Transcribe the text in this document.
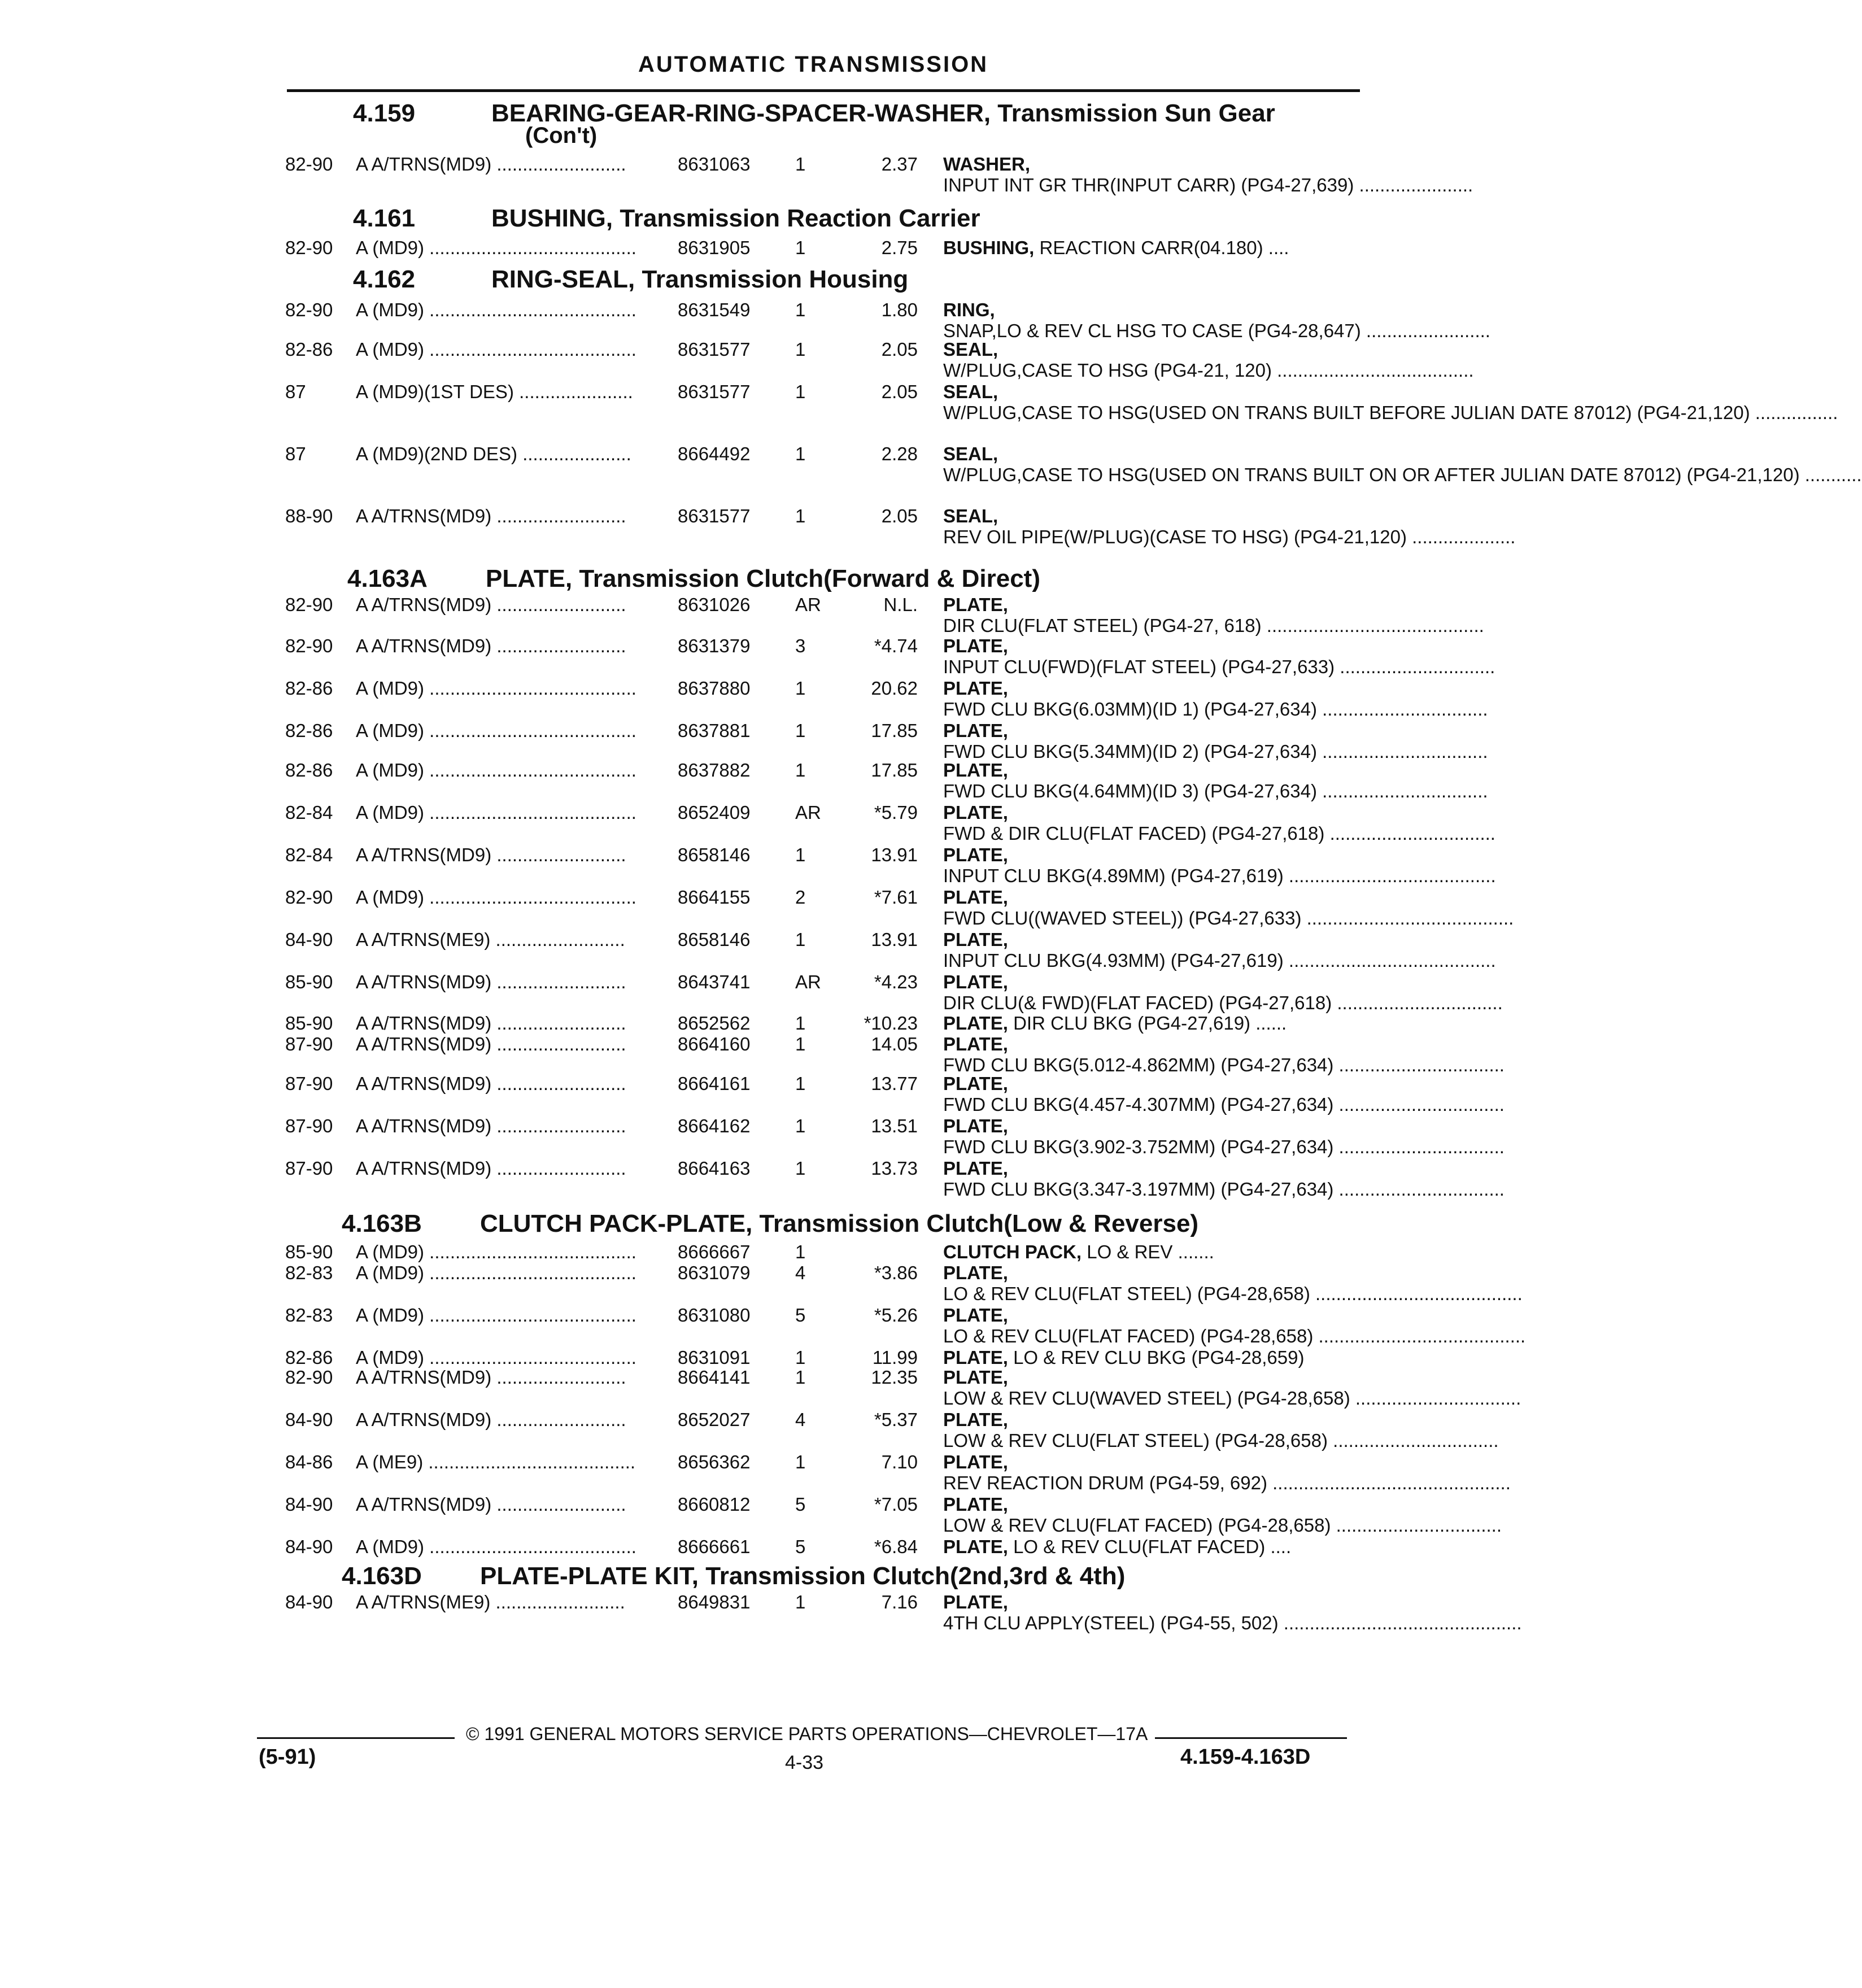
AUTOMATIC TRANSMISSION
4.159	BEARING-GEAR-RING-SPACER-WASHER, Transmission Sun Gear
(Con't)
82-90 A A/TRNS(MD9) .........................	8631063 1	2.37 WASHER, INPUT INT GR THR(INPUT CARR) (PG4-27,639) ......................
4.161	BUSHING, Transmission Reaction Carrier
82-90 A (MD9) ........................................	8631905 1	2.75 BUSHING, REACTION CARR(04.180) ....
4.162	RING-SEAL, Transmission Housing
82-90 A (MD9) ........................................	8631549 1	1.80 RING, SNAP,LO & REV CL HSG TO CASE (PG4-28,647) ........................
82-86 A (MD9) ........................................	8631577 1	2.05 SEAL, W/PLUG,CASE TO HSG (PG4-21, 120) ......................................
87	A (MD9)(1ST DES) ......................	8631577 1	2.05 SEAL, W/PLUG,CASE TO HSG(USED ON TRANS BUILT BEFORE JULIAN DATE 87012) (PG4-21,120) ................
87	A (MD9)(2ND DES) .....................	8664492 1	2.28 SEAL, W/PLUG,CASE TO HSG(USED ON TRANS BUILT ON OR AFTER JULIAN DATE 87012) (PG4-21,120) ...........
88-90 A A/TRNS(MD9) .........................	8631577 1	2.05 SEAL, REV OIL PIPE(W/PLUG)(CASE TO HSG) (PG4-21,120) ....................
4.163A PLATE, Transmission Clutch(Forward & Direct)
82-90 A A/TRNS(MD9) .........................	8631026 AR	N.L. PLATE, DIR CLU(FLAT STEEL) (PG4-27, 618) ..........................................
82-90 A A/TRNS(MD9) .........................	8631379 3	*4.74 PLATE, INPUT CLU(FWD)(FLAT STEEL) (PG4-27,633) ..............................
82-86 A (MD9) ........................................	8637880 1	20.62 PLATE, FWD CLU BKG(6.03MM)(ID 1) (PG4-27,634) ................................
82-86 A (MD9) ........................................	8637881 1	17.85 PLATE, FWD CLU BKG(5.34MM)(ID 2) (PG4-27,634) ................................
82-86 A (MD9) ........................................	8637882 1	17.85 PLATE, FWD CLU BKG(4.64MM)(ID 3) (PG4-27,634) ................................
82-84 A (MD9) ........................................	8652409 AR	*5.79 PLATE, FWD & DIR CLU(FLAT FACED) (PG4-27,618) ................................
82-84 A A/TRNS(MD9) .........................	8658146 1	13.91 PLATE, INPUT CLU BKG(4.89MM) (PG4-27,619) ........................................
82-90 A (MD9) ........................................	8664155 2	*7.61 PLATE, FWD CLU((WAVED STEEL)) (PG4-27,633) ........................................
84-90 A A/TRNS(ME9) .........................	8658146 1	13.91 PLATE, INPUT CLU BKG(4.93MM) (PG4-27,619) ........................................
85-90 A A/TRNS(MD9) .........................	8643741 AR	*4.23 PLATE, DIR CLU(& FWD)(FLAT FACED) (PG4-27,618) ................................
85-90 A A/TRNS(MD9) .........................	8652562 1	*10.23 PLATE, DIR CLU BKG (PG4-27,619) ......
87-90 A A/TRNS(MD9) .........................	8664160 1	14.05 PLATE, FWD CLU BKG(5.012-4.862MM) (PG4-27,634) ................................
87-90 A A/TRNS(MD9) .........................	8664161 1	13.77 PLATE, FWD CLU BKG(4.457-4.307MM) (PG4-27,634) ................................
87-90 A A/TRNS(MD9) .........................	8664162 1	13.51 PLATE, FWD CLU BKG(3.902-3.752MM) (PG4-27,634) ................................
87-90 A A/TRNS(MD9) .........................	8664163 1	13.73 PLATE, FWD CLU BKG(3.347-3.197MM) (PG4-27,634) ................................
4.163B CLUTCH PACK-PLATE, Transmission Clutch(Low & Reverse)
85-90 A (MD9) ........................................	8666667 1	CLUTCH PACK, LO & REV .......
82-83 A (MD9) ........................................	8631079 4	*3.86 PLATE, LO & REV CLU(FLAT STEEL) (PG4-28,658) ........................................
82-83 A (MD9) ........................................	8631080 5	*5.26 PLATE, LO & REV CLU(FLAT FACED) (PG4-28,658) ........................................
82-86 A (MD9) ........................................	8631091 1	11.99 PLATE, LO & REV CLU BKG (PG4-28,659)
82-90 A A/TRNS(MD9) .........................	8664141 1	12.35 PLATE, LOW & REV CLU(WAVED STEEL) (PG4-28,658) ................................
84-90 A A/TRNS(MD9) .........................	8652027 4	*5.37 PLATE, LOW & REV CLU(FLAT STEEL) (PG4-28,658) ................................
84-86 A (ME9) ........................................	8656362 1	7.10 PLATE, REV REACTION DRUM (PG4-59, 692) ..............................................
84-90 A A/TRNS(MD9) .........................	8660812 5	*7.05 PLATE, LOW & REV CLU(FLAT FACED) (PG4-28,658) ................................
84-90 A (MD9) ........................................	8666661 5	*6.84 PLATE, LO & REV CLU(FLAT FACED) ....
4.163D PLATE-PLATE KIT, Transmission Clutch(2nd,3rd & 4th)
84-90 A A/TRNS(ME9) .........................	8649831 1	7.16 PLATE, 4TH CLU APPLY(STEEL) (PG4-55, 502) ..............................................
© 1991 GENERAL MOTORS SERVICE PARTS OPERATIONS—CHEVROLET—17A
(5-91)	4-33	4.159-4.163D
